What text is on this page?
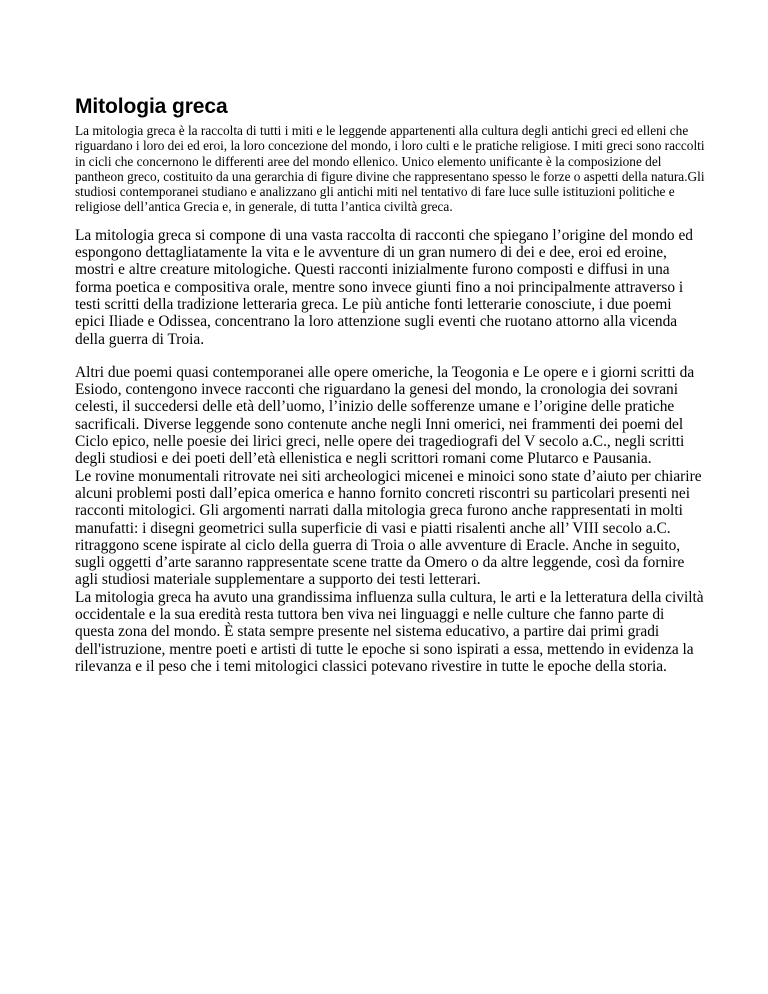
Mitologia greca

La mitologia greca è la raccolta di tutti i miti e le leggende appartenenti alla cultura degli antichi greci ed elleni che riguardano i loro dei ed eroi, la loro concezione del mondo, i loro culti e le pratiche religiose. I miti greci sono raccolti in cicli che concernono le differenti aree del mondo ellenico. Unico elemento unificante è la composizione del pantheon greco, costituito da una gerarchia di figure divine che rappresentano spesso le forze o aspetti della natura.Gli studiosi contemporanei studiano e analizzano gli antichi miti nel tentativo di fare luce sulle istituzioni politiche e religiose dell’antica Grecia e, in generale, di tutta l’antica civiltà greca.

La mitologia greca si compone di una vasta raccolta di racconti che spiegano l’origine del mondo ed espongono dettagliatamente la vita e le avventure di un gran numero di dei e dee, eroi ed eroine, mostri e altre creature mitologiche. Questi racconti inizialmente furono composti e diffusi in una forma poetica e compositiva orale, mentre sono invece giunti fino a noi principalmente attraverso i testi scritti della tradizione letteraria greca. Le più antiche fonti letterarie conosciute, i due poemi epici Iliade e Odissea, concentrano la loro attenzione sugli eventi che ruotano attorno alla vicenda della guerra di Troia.

Altri due poemi quasi contemporanei alle opere omeriche, la Teogonia e Le opere e i giorni scritti da Esiodo, contengono invece racconti che riguardano la genesi del mondo, la cronologia dei sovrani celesti, il succedersi delle età dell’uomo, l’inizio delle sofferenze umane e l’origine delle pratiche sacrificali. Diverse leggende sono contenute anche negli Inni omerici, nei frammenti dei poemi del Ciclo epico, nelle poesie dei lirici greci, nelle opere dei tragediografi del V secolo a.C., negli scritti degli studiosi e dei poeti dell’età ellenistica e negli scrittori romani come Plutarco e Pausania.

Le rovine monumentali ritrovate nei siti archeologici micenei e minoici sono state d’aiuto per chiarire alcuni problemi posti dall’epica omerica e hanno fornito concreti riscontri su particolari presenti nei racconti mitologici. Gli argomenti narrati dalla mitologia greca furono anche rappresentati in molti manufatti: i disegni geometrici sulla superficie di vasi e piatti risalenti anche all’ VIII secolo a.C. ritraggono scene ispirate al ciclo della guerra di Troia o alle avventure di Eracle. Anche in seguito, sugli oggetti d’arte saranno rappresentate scene tratte da Omero o da altre leggende, così da fornire agli studiosi materiale supplementare a supporto dei testi letterari.

La mitologia greca ha avuto una grandissima influenza sulla cultura, le arti e la letteratura della civiltà occidentale e la sua eredità resta tuttora ben viva nei linguaggi e nelle culture che fanno parte di questa zona del mondo. È stata sempre presente nel sistema educativo, a partire dai primi gradi dell'istruzione, mentre poeti e artisti di tutte le epoche si sono ispirati a essa, mettendo in evidenza la rilevanza e il peso che i temi mitologici classici potevano rivestire in tutte le epoche della storia.
